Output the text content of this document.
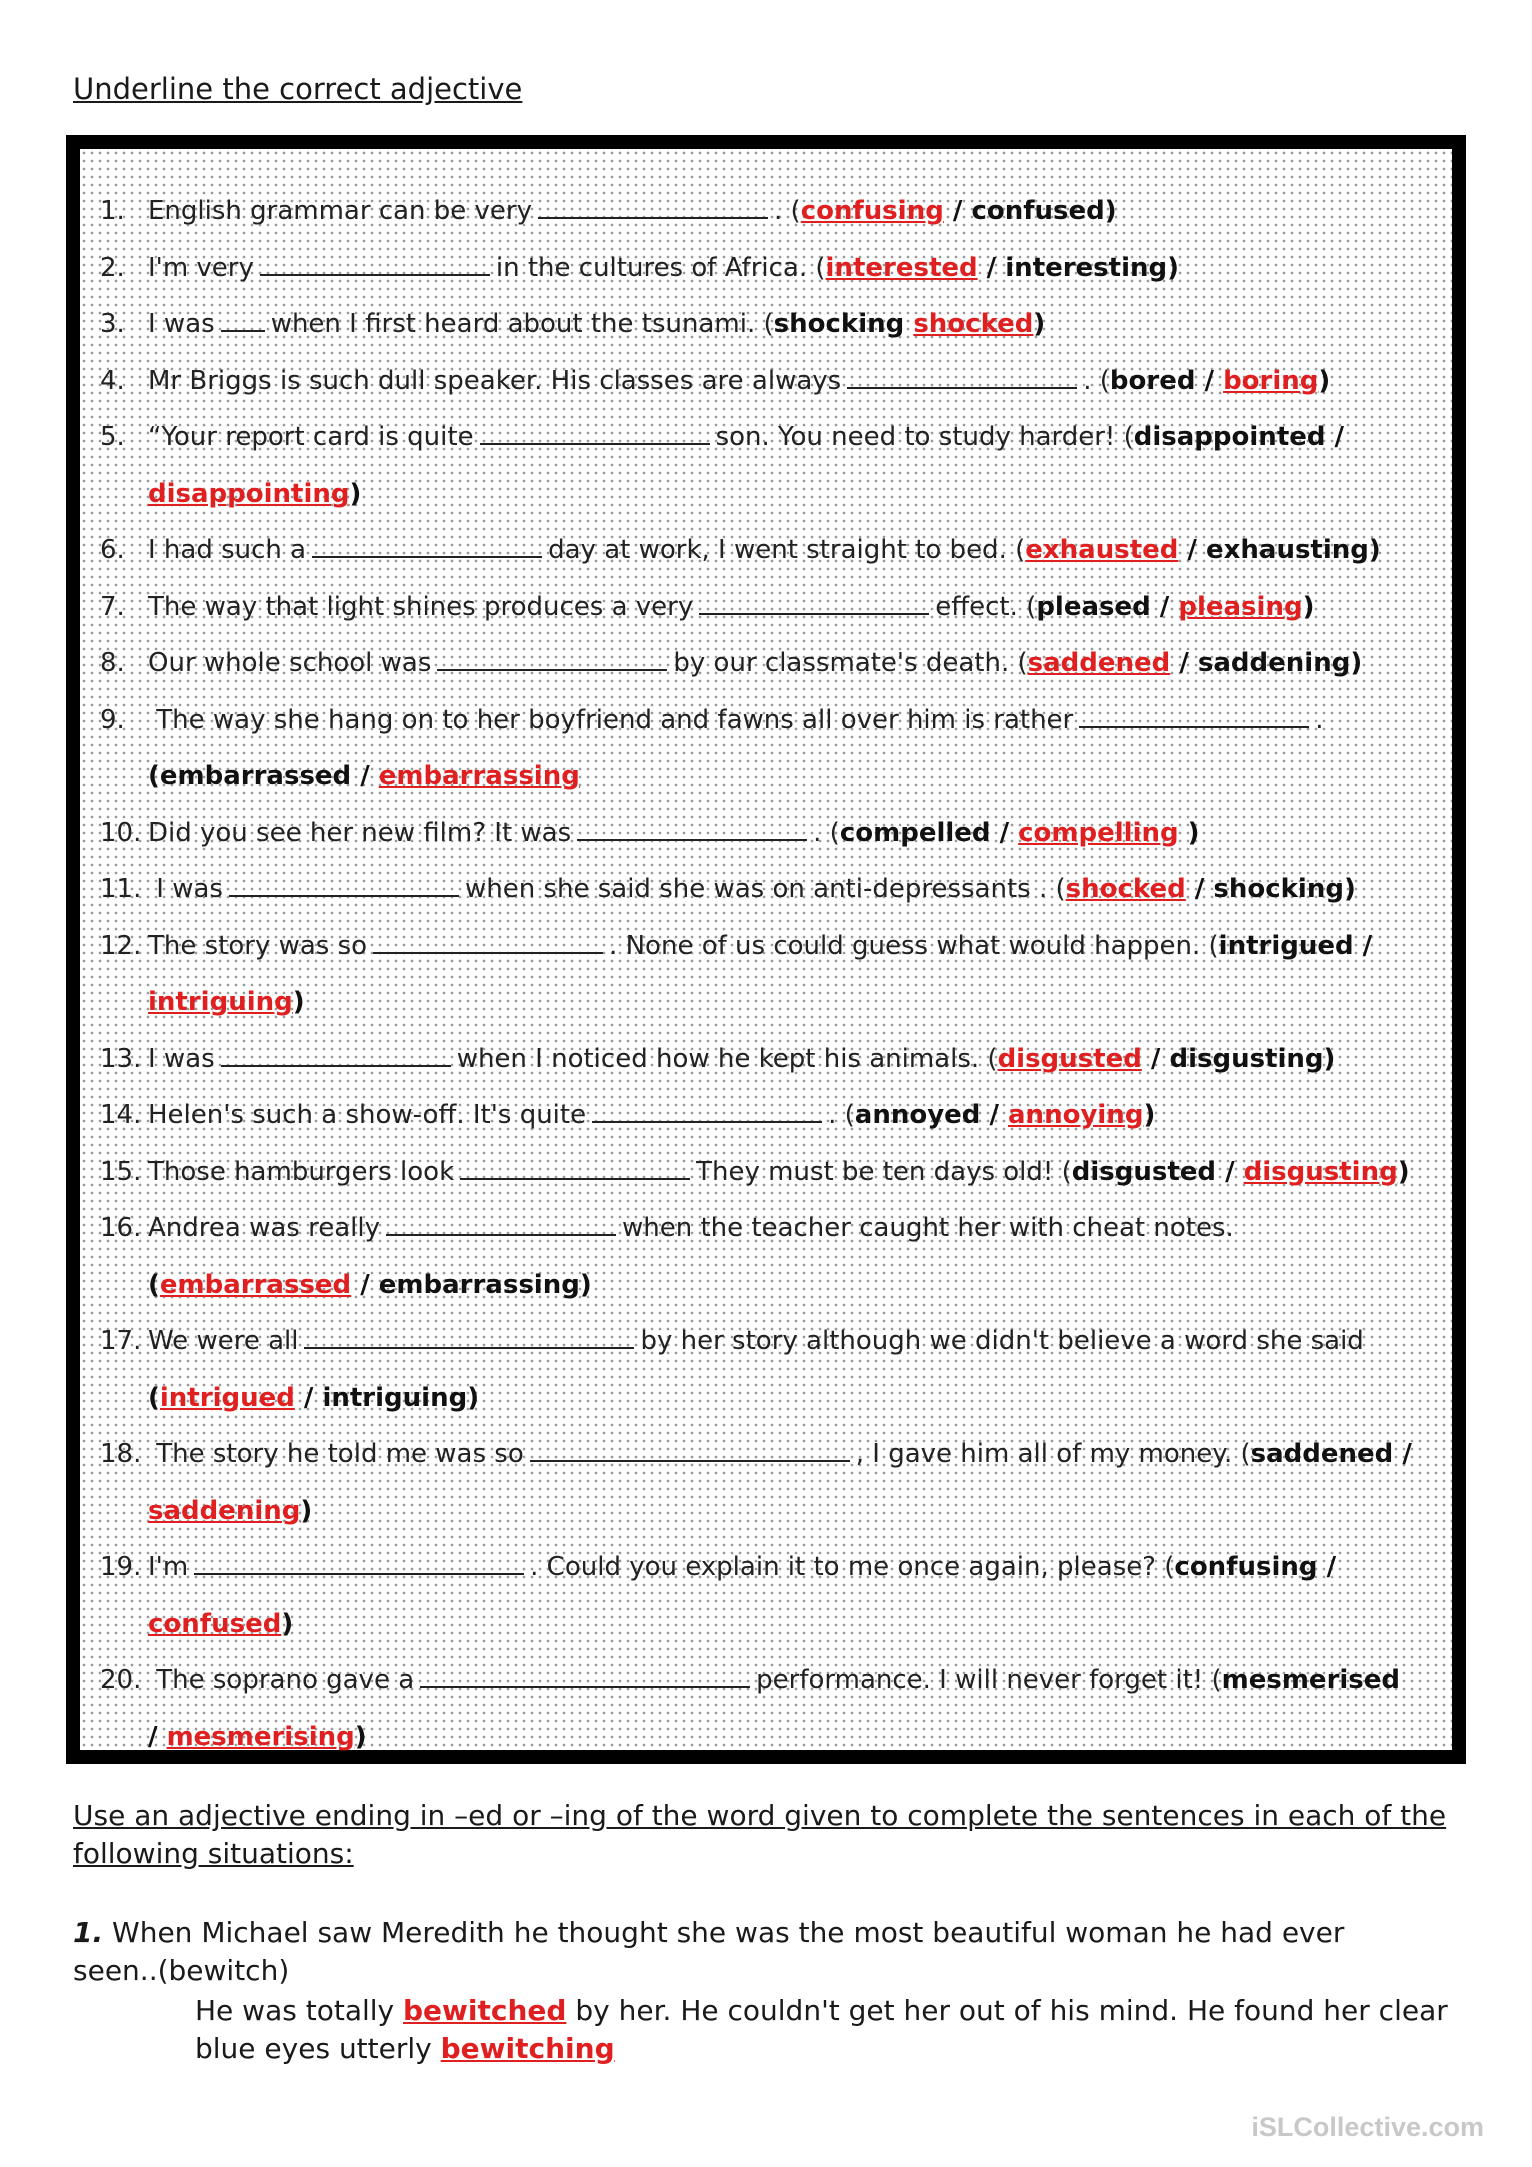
Underline the correct adjective
1. English grammar can be very	. (confusing / confused)
2. I'm very	in the cultures of Africa. (interested / interesting)
3. I was when I first heard about the tsunami. (shocking shocked)
4. Mr Briggs is such dull speaker. His classes are always	. (bored / boring)
5. “Your report card is quite	son. You need to study harder! (disappointed /
disappointing)
6. I had such a	day at work, I went straight to bed. (exhausted / exhausting)
7. The way that light shines produces a very	effect. (pleased / pleasing)
8. Our whole school was	by our classmate's death. (saddened / saddening)
9. The way she hang on to her boyfriend and fawns all over him is rather	.
(embarrassed / embarrassing
10. Did you see her new film? It was	. (compelled / compelling )
11. I was	when she said she was on anti-depressants . (shocked / shocking)
12. The story was so	. None of us could guess what would happen. (intrigued /
intriguing)
13. I was	when I noticed how he kept his animals. (disgusted / disgusting)
14. Helen's such a show-off. It's quite	. (annoyed / annoying)
15. Those hamburgers look	They must be ten days old! (disgusted / disgusting)
16. Andrea was really	when the teacher caught her with cheat notes.
(embarrassed / embarrassing)
17. We were all	by her story although we didn't believe a word she said
(intrigued / intriguing)
18. The story he told me was so	, I gave him all of my money. (saddened /
saddening)
19. I'm	. Could you explain it to me once again, please? (confusing /
confused)
20. The soprano gave a	performance. I will never forget it! (mesmerised
/ mesmerising)
Use an adjective ending in –ed or –ing of the word given to complete the sentences in each of the following situations:
1. When Michael saw Meredith he thought she was the most beautiful woman he had ever seen..(bewitch)
He was totally bewitched by her. He couldn't get her out of his mind. He found her clear blue eyes utterly bewitching
iSLCollective.com
